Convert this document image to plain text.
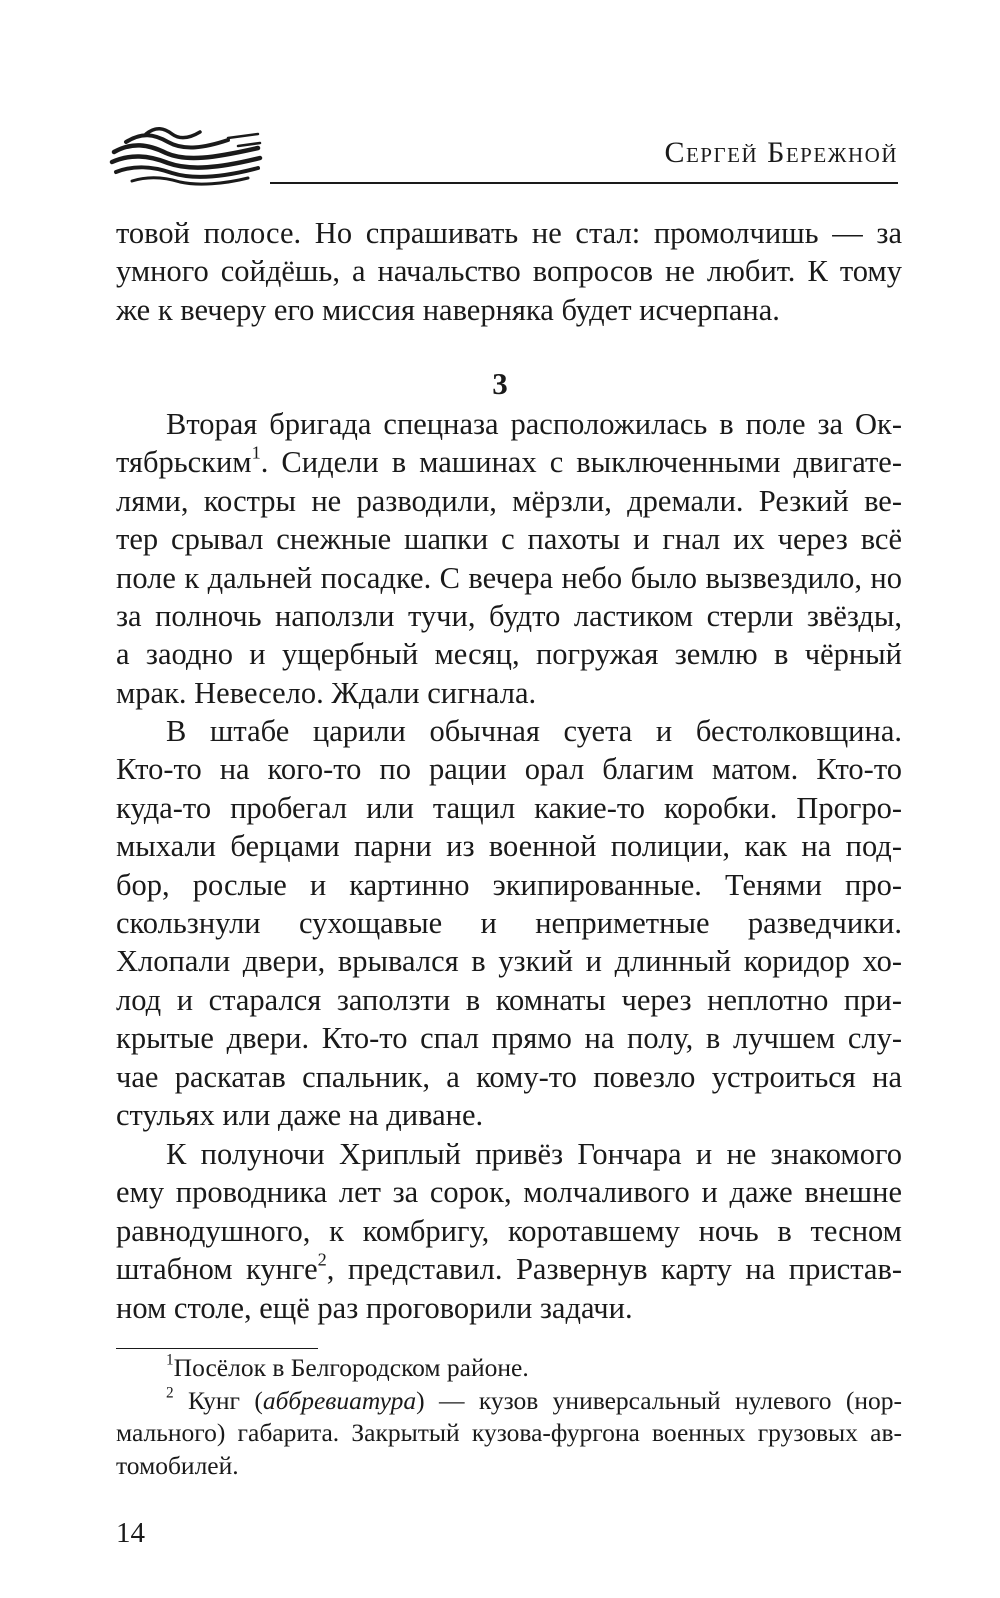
Сергей Бережной
товой полосе. Но спрашивать не стал: промолчишь — за
умного сойдёшь, а начальство вопросов не любит. К тому
же к вечеру его миссия наверняка будет исчерпана.
3
Вторая бригада спецназа расположилась в поле за Ок-
тябрьским$^1$. Сидели в машинах с выключенными двигате-
лями, костры не разводили, мёрзли, дремали. Резкий ве-
тер срывал снежные шапки с пахоты и гнал их через всё
поле к дальней посадке. С вечера небо было вызвездило, но
за полночь наползли тучи, будто ластиком стерли звёзды,
а заодно и ущербный месяц, погружая землю в чёрный
мрак. Невесело. Ждали сигнала.
В штабе царили обычная суета и бестолковщина.
Кто-то на кого-то по рации орал благим матом. Кто-то
куда-то пробегал или тащил какие-то коробки. Прогро-
мыхали берцами парни из военной полиции, как на под-
бор, рослые и картинно экипированные. Тенями про-
скользнули сухощавые и неприметные разведчики.
Хлопали двери, врывался в узкий и длинный коридор хо-
лод и старался заползти в комнаты через неплотно при-
крытые двери. Кто-то спал прямо на полу, в лучшем слу-
чае раскатав спальник, а кому-то повезло устроиться на
стульях или даже на диване.
К полуночи Хриплый привёз Гончара и не знакомого
ему проводника лет за сорок, молчаливого и даже внешне
равнодушного, к комбригу, коротавшему ночь в тесном
штабном кунге$^2$, представил. Развернув карту на пристав-
ном столе, ещё раз проговорили задачи.
$^1$Посёлок в Белгородском районе.
$^2$ Кунг (аббревиатура) — кузов универсальный нулевого (нор-
мального) габарита. Закрытый кузова-фургона военных грузовых ав-
томобилей.
14
